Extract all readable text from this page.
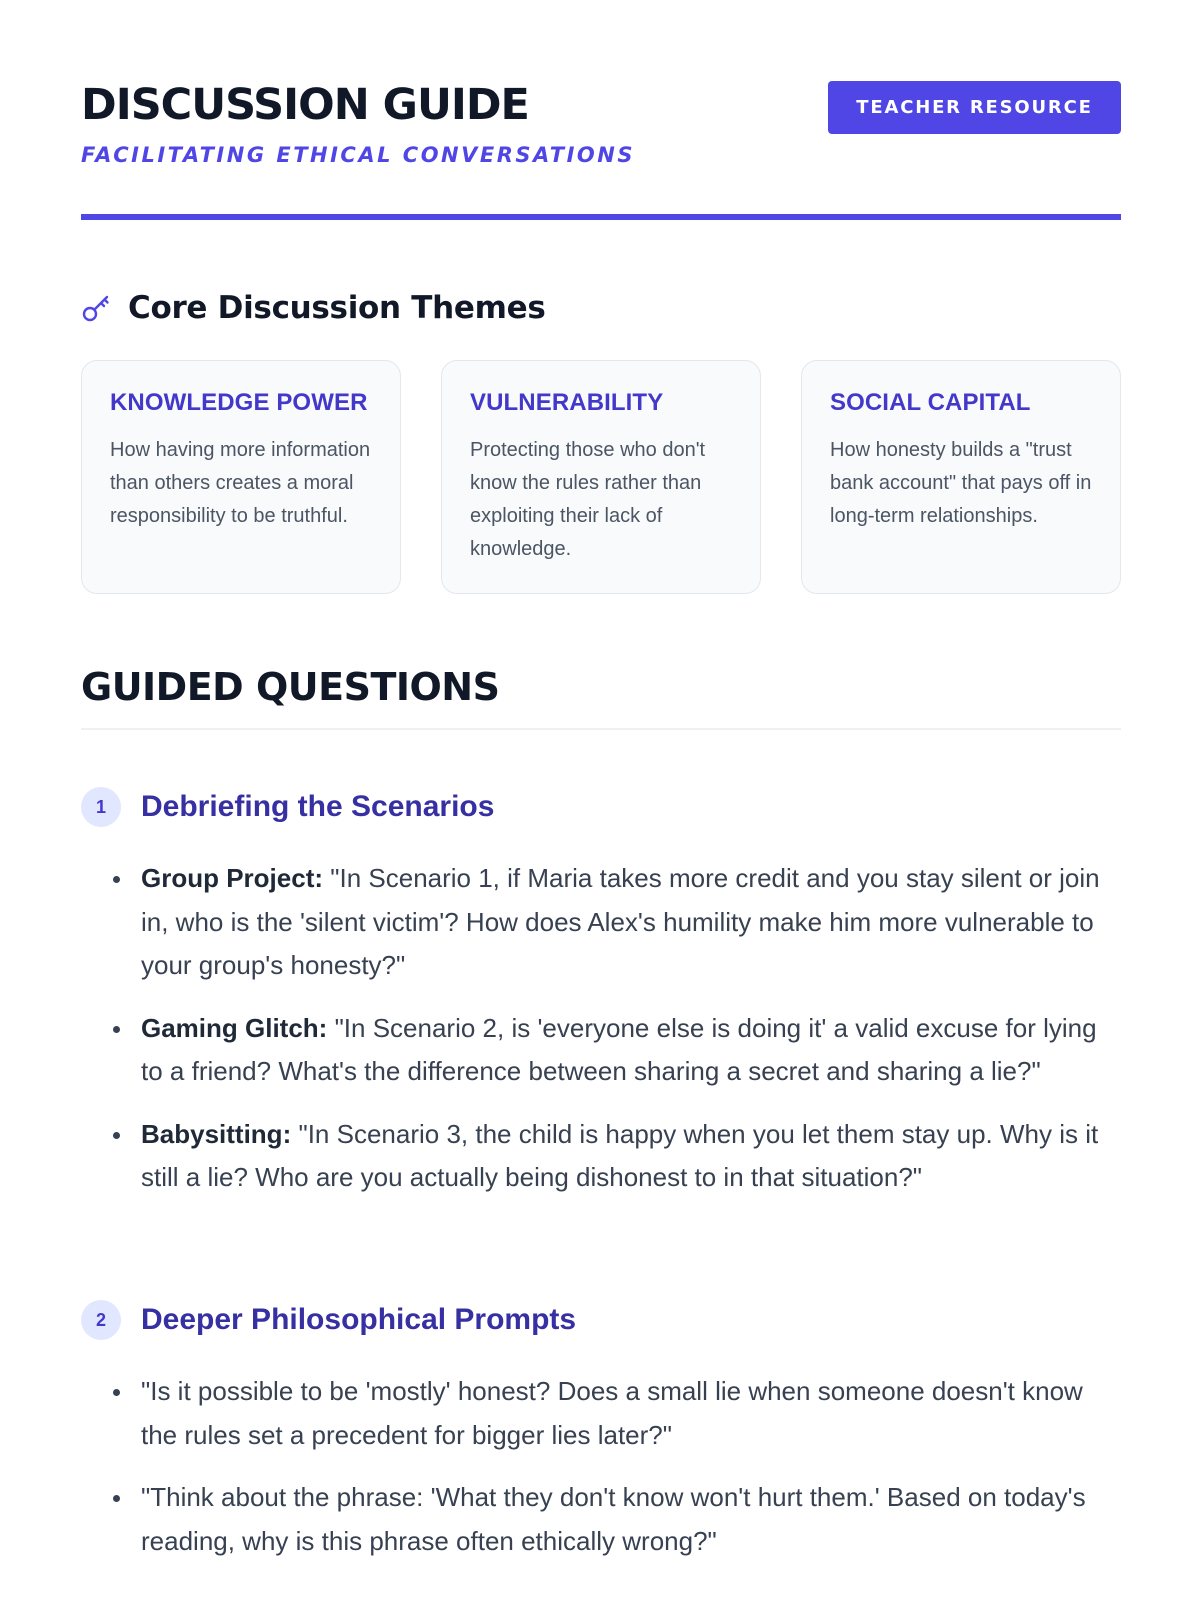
DISCUSSION GUIDE

FACILITATING ETHICAL CONVERSATIONS

TEACHER RESOURCE
Core Discussion Themes
KNOWLEDGE POWER

How having more information than others creates a moral responsibility to be truthful.

VULNERABILITY

Protecting those who don't know the rules rather than exploiting their lack of knowledge.

SOCIAL CAPITAL

How honesty builds a "trust bank account" that pays off in long-term relationships.

GUIDED QUESTIONS
1	Debriefing the Scenarios
Group Project: "In Scenario 1, if Maria takes more credit and you stay silent or join in, who is the 'silent victim'? How does Alex's humility make him more vulnerable to your group's honesty?"
Gaming Glitch: "In Scenario 2, is 'everyone else is doing it' a valid excuse for lying to a friend? What's the difference between sharing a secret and sharing a lie?"
Babysitting: "In Scenario 3, the child is happy when you let them stay up. Why is it still a lie? Who are you actually being dishonest to in that situation?"
2	Deeper Philosophical Prompts
"Is it possible to be 'mostly' honest? Does a small lie when someone doesn't know the rules set a precedent for bigger lies later?"
"Think about the phrase: 'What they don't know won't hurt them.' Based on today's reading, why is this phrase often ethically wrong?"
